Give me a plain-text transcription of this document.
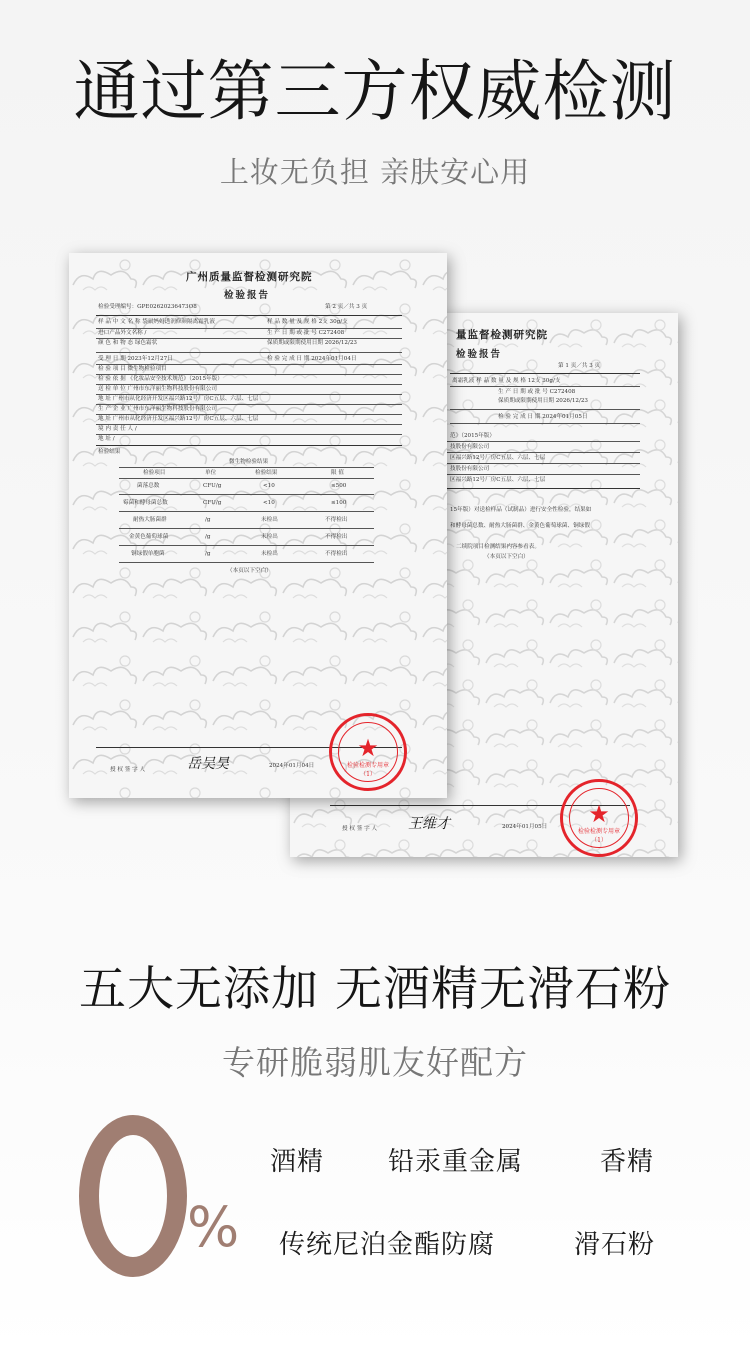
通过第三方权威检测
上妆无负担 亲肤安心用
量监督检测研究院
检验报告
第 1 页／共 3 页
离霜乳液 样 品 数 量 及 规 格 12支 30g/支
生 产 日 期 或 批 号 C272408
保质期或限期使用日期 2026/12/23
检 验 完 成 日 期 2024年01月05日
范》（2015年版）
技股份有限公司
区福兴路12号厂房C五层、六层、七层
技股份有限公司
区福兴路12号厂房C五层、六层、七层
15年版）对送检样品（试制品）进行安全性检验，结果如
和酵母菌总数、耐热大肠菌群、金黄色葡萄球菌、铜绿假
二续院项目检测结果内容参看表。
（本页以下空白）
授 权 签 字 人 王维才	2024年01月05日	★
检验检测专用章
（1）
广州质量监督检测研究院
检验报告
检验受理编号：GPE02620236473O8	第 2 页／共 3 页
样 品 中 文 名 称 袋鼠妈妈透润修颜隔离霜乳液	样 品 数 量 及 规 格 2支 30g/支
进口产品外文名称 /	生 产 日 期 或 批 号 C272408
颜 色 和 物 态 绿色霜状	保质期或限期使用日期 2026/12/23
受 理 日 期 2023年12月27日	检 验 完 成 日 期 2024年01月04日
检 验 项 目 微生物检验项目
检 验 依 据 《化妆品安全技术规范》（2015年版）
送 检 单 位 广州市东洋丽生物科技股份有限公司
地 址 广州市从化经济开发区福兴路12号厂房C五层、六层、七层
生 产 企 业 广州市东洋丽生物科技股份有限公司
地 址 广州市从化经济开发区福兴路12号厂房C五层、六层、七层
境 内 责 任 人 /
地 址 /
检验结果
微生物检验结果
检验项目	单位	检验结果	限 值
菌落总数	CFU/g	<10	≤500
霉菌和酵母菌总数	CFU/g	<10	≤100
耐热大肠菌群	/g	未检出	不得检出
金黄色葡萄球菌	/g	未检出	不得检出
铜绿假单胞菌	/g	未检出	不得检出
（本页以下空白）
授 权 签 字 人	岳吴昊	2024年01月04日
★
检验检测专用章
（1）
五大无添加 无酒精无滑石粉
专研脆弱肌友好配方
%
酒精 铅汞重金属	香精
传统尼泊金酯防腐	滑石粉
